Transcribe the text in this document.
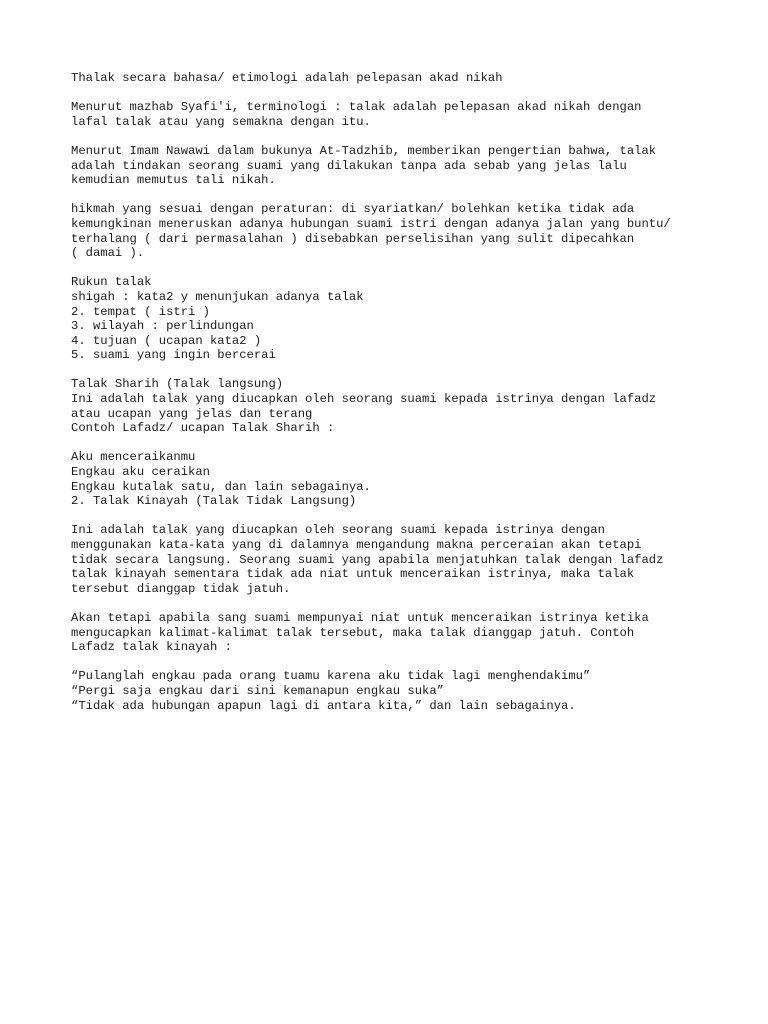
Thalak secara bahasa/ etimologi adalah pelepasan akad nikah
Menurut mazhab Syafi'i, terminologi : talak adalah pelepasan akad nikah dengan
lafal talak atau yang semakna dengan itu.
Menurut Imam Nawawi dalam bukunya At-Tadzhib, memberikan pengertian bahwa, talak
adalah tindakan seorang suami yang dilakukan tanpa ada sebab yang jelas lalu
kemudian memutus tali nikah.
hikmah yang sesuai dengan peraturan: di syariatkan/ bolehkan ketika tidak ada
kemungkinan meneruskan adanya hubungan suami istri dengan adanya jalan yang buntu/
terhalang ( dari permasalahan ) disebabkan perselisihan yang sulit dipecahkan
( damai ).
Rukun talak
shigah : kata2 y menunjukan adanya talak
2. tempat ( istri )
3. wilayah : perlindungan
4. tujuan ( ucapan kata2 )
5. suami yang ingin bercerai
Talak Sharih (Talak langsung)
Ini adalah talak yang diucapkan oleh seorang suami kepada istrinya dengan lafadz
atau ucapan yang jelas dan terang
Contoh Lafadz/ ucapan Talak Sharih :
Aku menceraikanmu
Engkau aku ceraikan
Engkau kutalak satu, dan lain sebagainya.
2. Talak Kinayah (Talak Tidak Langsung)
Ini adalah talak yang diucapkan oleh seorang suami kepada istrinya dengan
menggunakan kata-kata yang di dalamnya mengandung makna perceraian akan tetapi
tidak secara langsung. Seorang suami yang apabila menjatuhkan talak dengan lafadz
talak kinayah sementara tidak ada niat untuk menceraikan istrinya, maka talak
tersebut dianggap tidak jatuh.
Akan tetapi apabila sang suami mempunyai niat untuk menceraikan istrinya ketika
mengucapkan kalimat-kalimat talak tersebut, maka talak dianggap jatuh. Contoh
Lafadz talak kinayah :
“Pulanglah engkau pada orang tuamu karena aku tidak lagi menghendakimu”
“Pergi saja engkau dari sini kemanapun engkau suka”
“Tidak ada hubungan apapun lagi di antara kita,” dan lain sebagainya.
